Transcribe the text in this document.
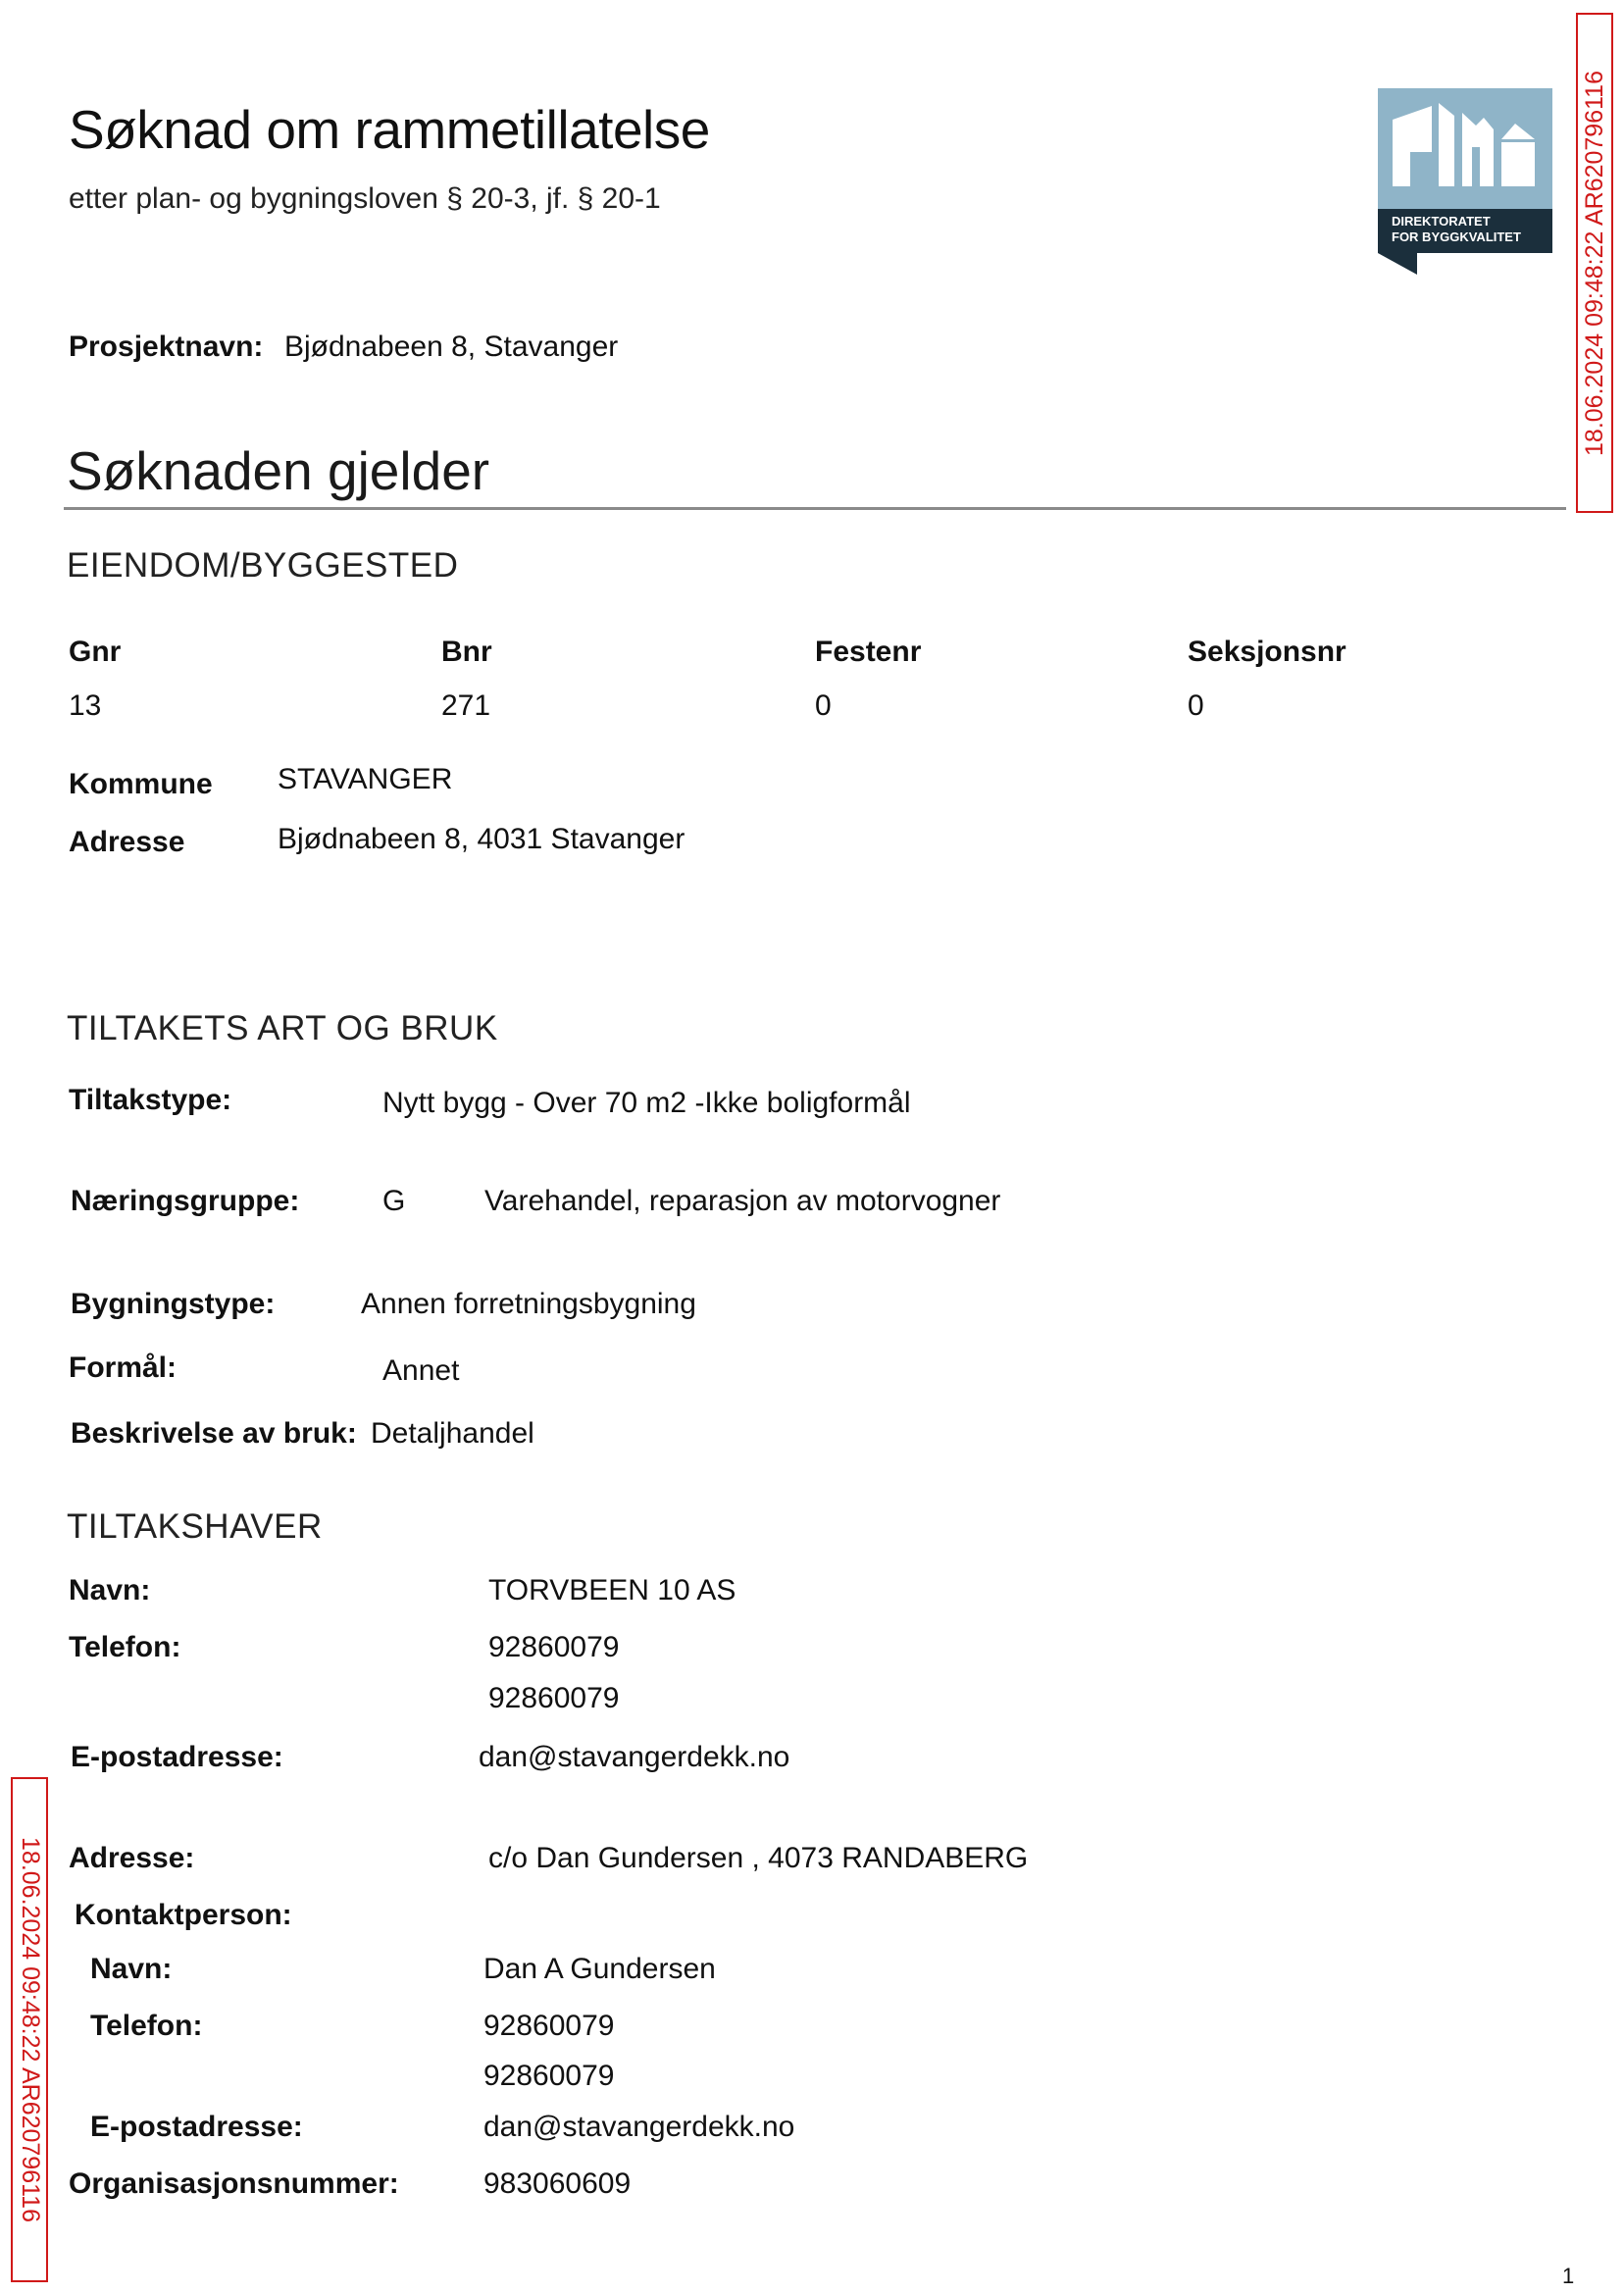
Søknad om rammetillatelse
etter plan- og bygningsloven § 20-3, jf. § 20-1
DIREKTORATET
FOR BYGGKVALITET 18.06.2024 09:48:22 AR620796116
18.06.2024 09:48:22 AR620796116
Prosjektnavn: Bjødnabeen 8, Stavanger
Søknaden gjelder
EIENDOM/BYGGESTED
Gnr	Bnr	Festenr	Seksjonsnr
13	271	0	0
Kommune STAVANGER
Adresse	Bjødnabeen 8, 4031 Stavanger
TILTAKETS ART OG BRUK
Tiltakstype:	Nytt bygg - Over 70 m2 -Ikke boligformål
Næringsgruppe:	G	Varehandel, reparasjon av motorvogner
Bygningstype:	Annen forretningsbygning
Formål:	Annet
Beskrivelse av bruk: Detaljhandel
TILTAKSHAVER
Navn:	TORVBEEN 10 AS
Telefon:	92860079
92860079
E-postadresse:	dan@stavangerdekk.no
Adresse:	c/o Dan Gundersen , 4073 RANDABERG
Kontaktperson:
Navn:	Dan A Gundersen
Telefon:	92860079
92860079
E-postadresse:	dan@stavangerdekk.no
Organisasjonsnummer:	983060609
1
